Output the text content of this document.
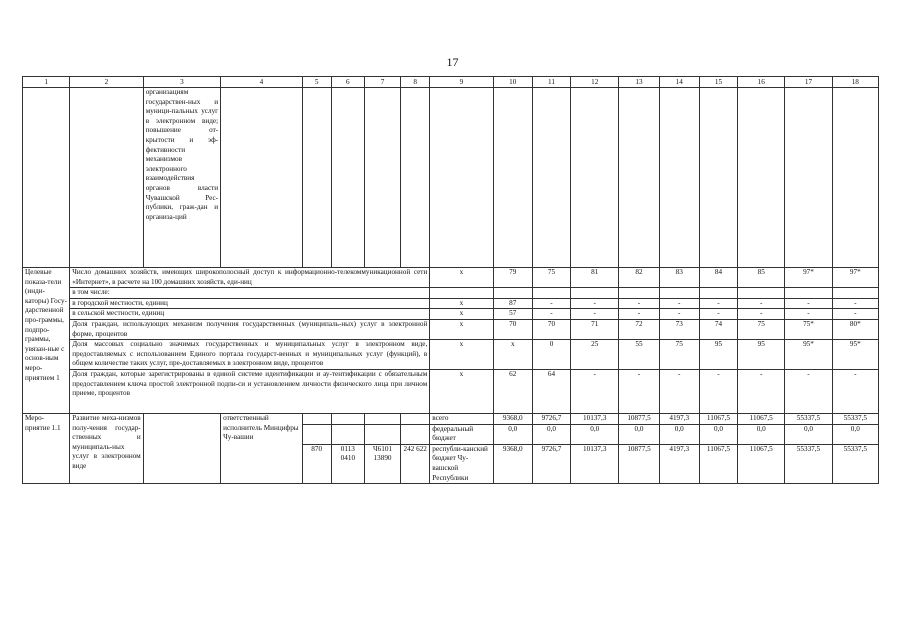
17
1	2	3	4	5	6	7	8	9	10	11	12	13	14	15	16	17	18
		организациям государствен-ных и муници-пальных услуг в электронном виде; повышение от-крытости и эф-фективности механизмов электронного взаимодействия органов власти Чувашской Рес-публики, граж-дан и организа-ций															
Целевые показа-тели (инди-каторы) Госу-дарственной про-граммы, подпро-граммы, увязан-ные с основ-ным меро-приятием 1	Число домашних хозяйств, имеющих широкополосный доступ к информационно-телекоммуникационной сети «Интернет», в расчете на 100 домашних хозяйств, еди-ниц							х	79	75	81	82	83	84	85	97*	97*
	в том числе:																
	в городской местности, единиц							х	87	-	-	-	-	-	-	-	-
	в сельской местности, единиц							х	57	-	-	-	-	-	-	-	-
	Доля граждан, использующих механизм получения государственных (муниципаль-ных) услуг в электронной форме, процентов							х	70	70	71	72	73	74	75	75*	80*
	Доля массовых социально значимых государственных и муниципальных услуг в электронном виде, предоставляемых с использованием Единого портала государст-венных и муниципальных услуг (функций), в общем количестве таких услуг, пре-доставляемых в электронном виде, процентов							х	х	0	25	55	75	95	95	95*	95*
	Доля граждан, которые зарегистрированы в единой системе идентификации и ау-тентификации с обязательным предоставлением ключа простой электронной подпи-си и установлением личности физического лица при личном приеме, процентов							х	62	64	-	-	-	-	-	-	-
Меро-приятие 1.1	Развитие меха-низмов полу-чения государ-ственных и муниципаль-ных услуг в электронном виде		ответственный исполнитель Минцифры Чу-вашии					всего	9368,0	9726,7	10137,3	10877,5	4197,3	11067,5	11067,5	55337,5	55337,5
								федеральный бюджет	0,0	0,0	0,0	0,0	0,0	0,0	0,0	0,0	0,0
				870	0113 0410	Ч6101 13890	242 622	республи-канский бюджет Чу-вашской Республики	9368,0	9726,7	10137,3	10877,5	4197,3	11067,5	11067,5	55337,5	55337,5
